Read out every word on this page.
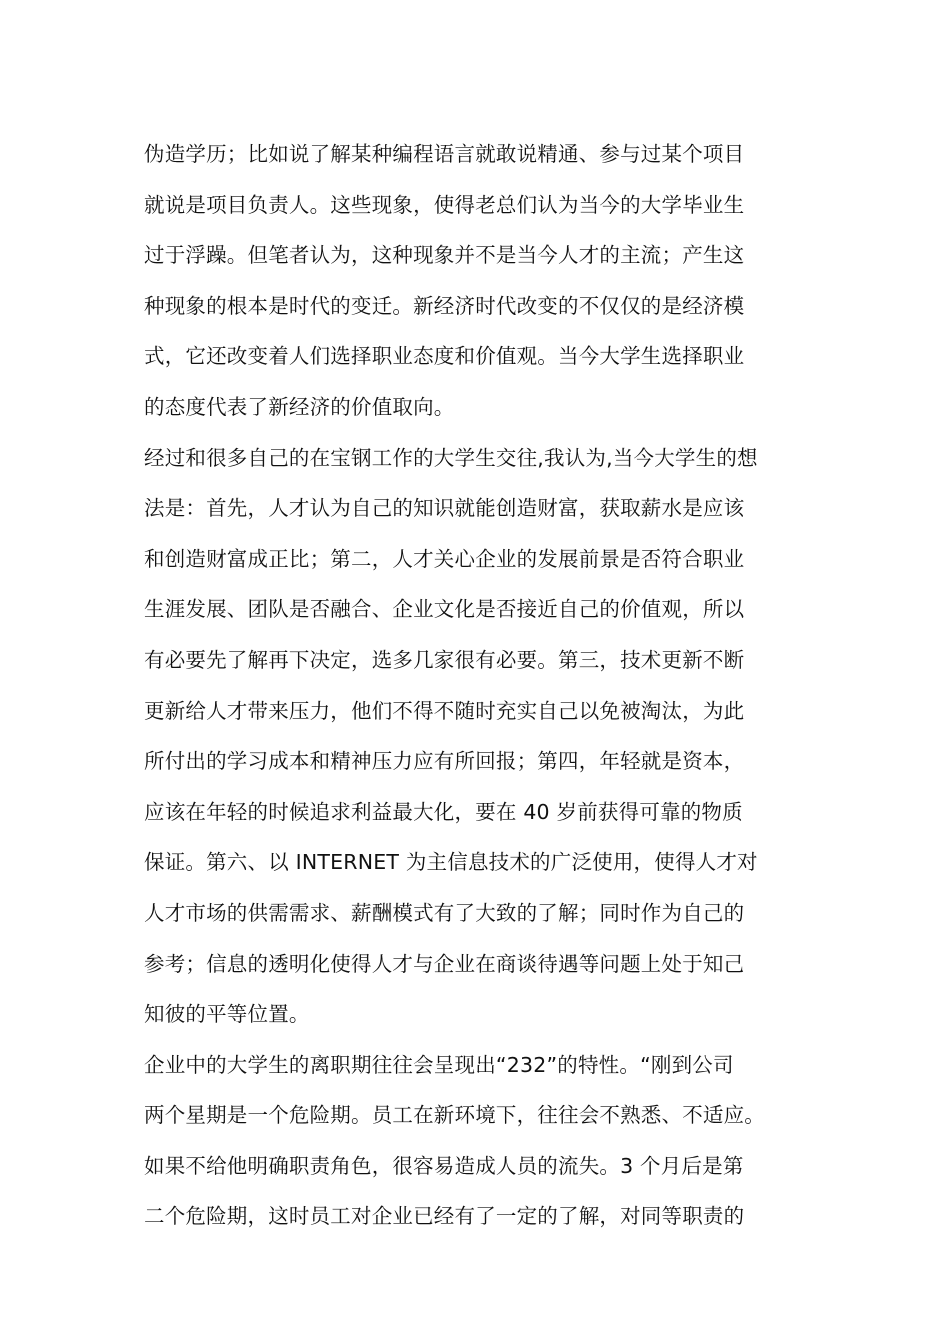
伪造学历；比如说了解某种编程语言就敢说精通、参与过某个项目
就说是项目负责人。这些现象，使得老总们认为当今的大学毕业生
过于浮躁。但笔者认为，这种现象并不是当今人才的主流；产生这
种现象的根本是时代的变迁。新经济时代改变的不仅仅的是经济模
式，它还改变着人们选择职业态度和价值观。当今大学生选择职业
的态度代表了新经济的价值取向。
经过和很多自己的在宝钢工作的大学生交往,我认为,当今大学生的想
法是：首先，人才认为自己的知识就能创造财富，获取薪水是应该
和创造财富成正比；第二，人才关心企业的发展前景是否符合职业
生涯发展、团队是否融合、企业文化是否接近自己的价值观，所以
有必要先了解再下决定，选多几家很有必要。第三，技术更新不断
更新给人才带来压力，他们不得不随时充实自己以免被淘汰，为此
所付出的学习成本和精神压力应有所回报；第四，年轻就是资本，
应该在年轻的时候追求利益最大化，要在 40 岁前获得可靠的物质
保证。第六、以 INTERNET 为主信息技术的广泛使用，使得人才对
人才市场的供需需求、薪酬模式有了大致的了解；同时作为自己的
参考；信息的透明化使得人才与企业在商谈待遇等问题上处于知己
知彼的平等位置。
企业中的大学生的离职期往往会呈现出“232”的特性。“刚到公司
两个星期是一个危险期。员工在新环境下，往往会不熟悉、不适应。
如果不给他明确职责角色，很容易造成人员的流失。3 个月后是第
二个危险期，这时员工对企业已经有了一定的了解，对同等职责的
